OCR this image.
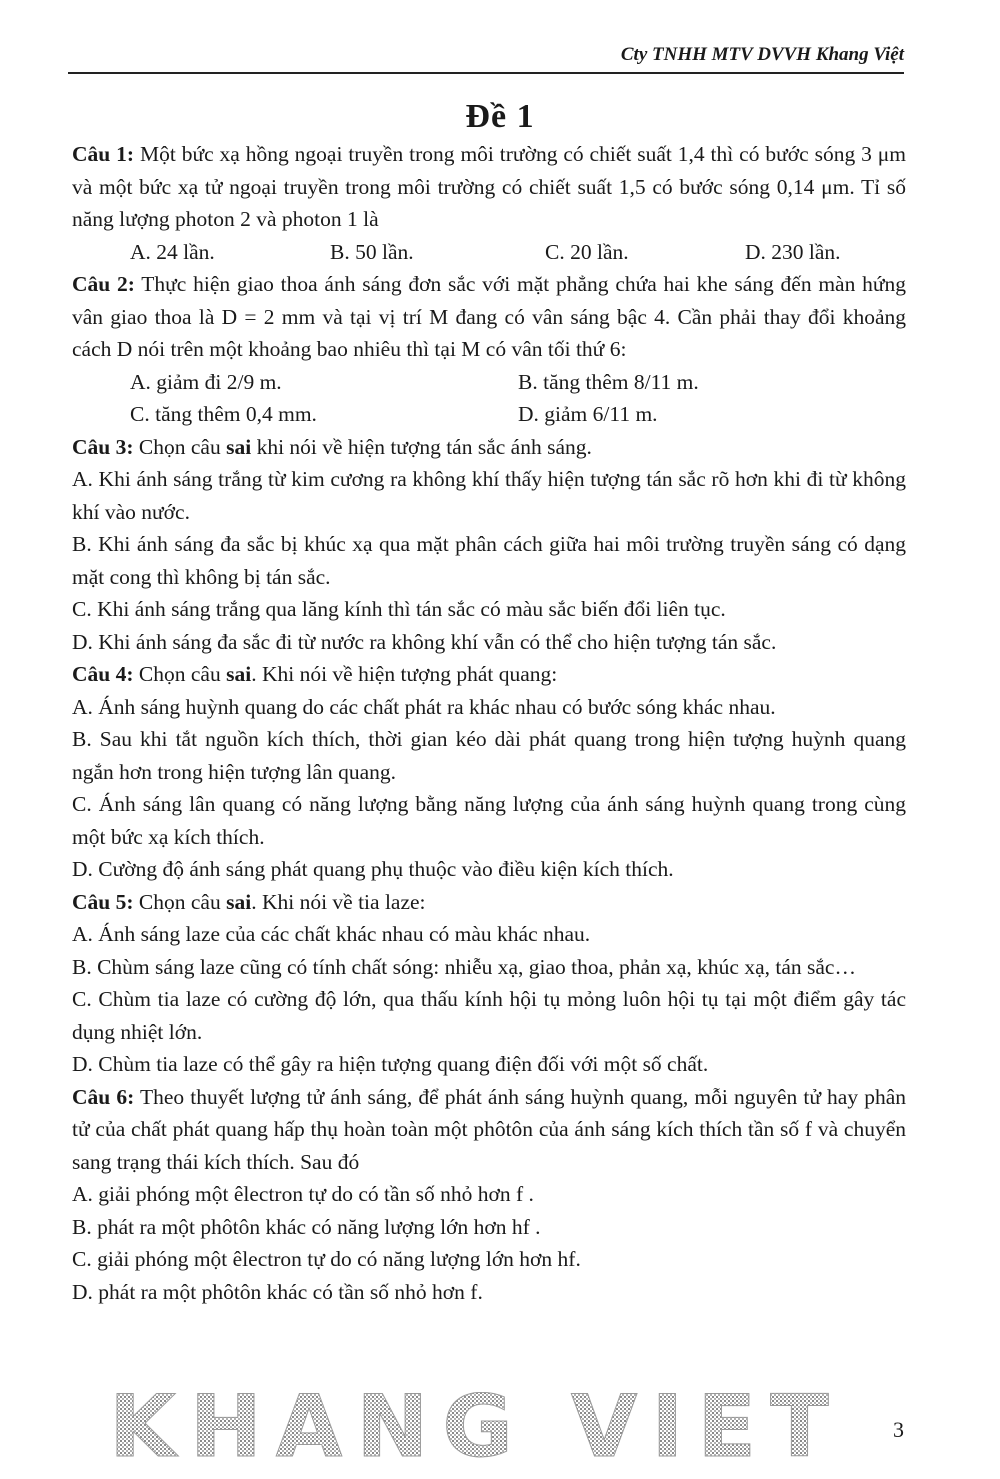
Cty TNHH MTV DVVH Khang Việt
Đề 1

Câu 1: Một bức xạ hồng ngoại truyền trong môi trường có chiết suất 1,4 thì có bước sóng 3 μm và một bức xạ tử ngoại truyền trong môi trường có chiết suất 1,5 có bước sóng 0,14 μm. Tỉ số năng lượng photon 2 và photon 1 là

A. 24 lần.	B. 50 lần.	C. 20 lần.	D. 230 lần.

Câu 2: Thực hiện giao thoa ánh sáng đơn sắc với mặt phẳng chứa hai khe sáng đến màn hứng vân giao thoa là D = 2 mm và tại vị trí M đang có vân sáng bậc 4. Cần phải thay đổi khoảng cách D nói trên một khoảng bao nhiêu thì tại M có vân tối thứ 6:

A. giảm đi 2/9 m.	B. tăng thêm 8/11 m.
C. tăng thêm 0,4 mm.	D. giảm 6/11 m.

Câu 3: Chọn câu sai khi nói về hiện tượng tán sắc ánh sáng.

A. Khi ánh sáng trắng từ kim cương ra không khí thấy hiện tượng tán sắc rõ hơn khi đi từ không khí vào nước.

B. Khi ánh sáng đa sắc bị khúc xạ qua mặt phân cách giữa hai môi trường truyền sáng có dạng mặt cong thì không bị tán sắc.

C. Khi ánh sáng trắng qua lăng kính thì tán sắc có màu sắc biến đổi liên tục.

D. Khi ánh sáng đa sắc đi từ nước ra không khí vẫn có thể cho hiện tượng tán sắc.

Câu 4: Chọn câu sai. Khi nói về hiện tượng phát quang:

A. Ánh sáng huỳnh quang do các chất phát ra khác nhau có bước sóng khác nhau.

B. Sau khi tắt nguồn kích thích, thời gian kéo dài phát quang trong hiện tượng huỳnh quang ngắn hơn trong hiện tượng lân quang.

C. Ánh sáng lân quang có năng lượng bằng năng lượng của ánh sáng huỳnh quang trong cùng một bức xạ kích thích.

D. Cường độ ánh sáng phát quang phụ thuộc vào điều kiện kích thích.

Câu 5: Chọn câu sai. Khi nói về tia laze:

A. Ánh sáng laze của các chất khác nhau có màu khác nhau.

B. Chùm sáng laze cũng có tính chất sóng: nhiễu xạ, giao thoa, phản xạ, khúc xạ, tán sắc…

C. Chùm tia laze có cường độ lớn, qua thấu kính hội tụ mỏng luôn hội tụ tại một điểm gây tác dụng nhiệt lớn.

D. Chùm tia laze có thể gây ra hiện tượng quang điện đối với một số chất.

Câu 6: Theo thuyết lượng tử ánh sáng, để phát ánh sáng huỳnh quang, mỗi nguyên tử hay phân tử của chất phát quang hấp thụ hoàn toàn một phôtôn của ánh sáng kích thích tần số f và chuyển sang trạng thái kích thích. Sau đó

A. giải phóng một êlectron tự do có tần số nhỏ hơn f .

B. phát ra một phôtôn khác có năng lượng lớn hơn hf .

C. giải phóng một êlectron tự do có năng lượng lớn hơn hf.

D. phát ra một phôtôn khác có tần số nhỏ hơn f.

KHANG VIET 3
